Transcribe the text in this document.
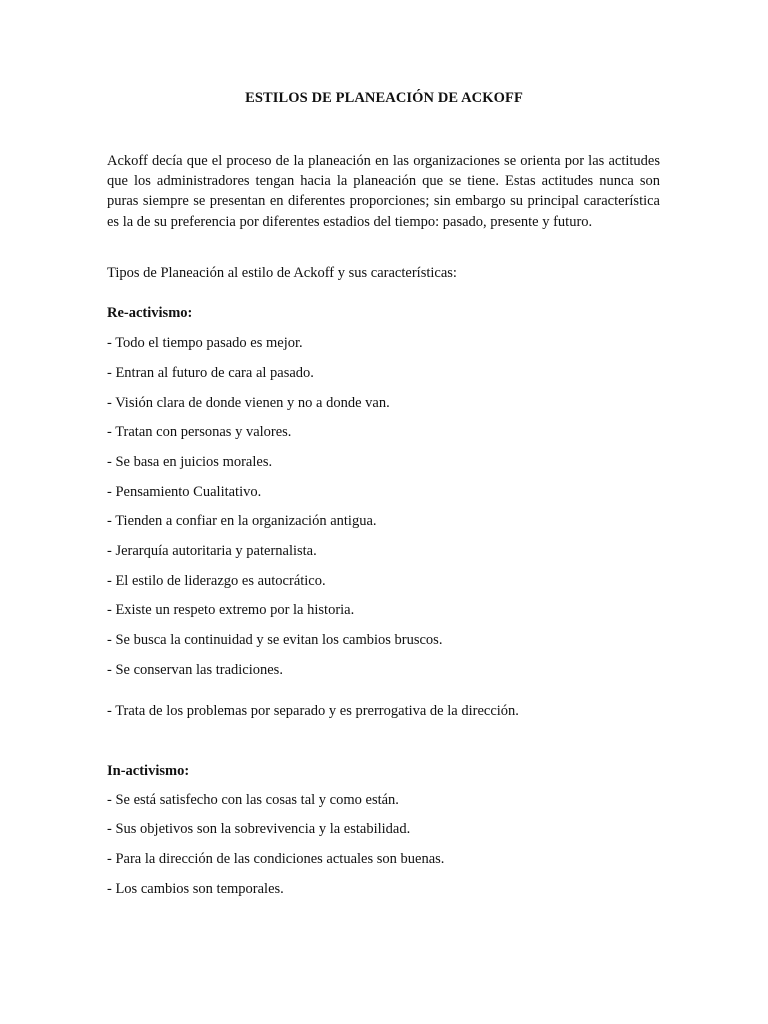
ESTILOS DE PLANEACIÓN DE ACKOFF

Ackoff decía que el proceso de la planeación en las organizaciones se orienta por las actitudes que los administradores tengan hacia la planeación que se tiene. Estas actitudes nunca son puras siempre se presentan en diferentes proporciones; sin embargo su principal característica es la de su preferencia por diferentes estadios del tiempo: pasado, presente y futuro.

Tipos de Planeación al estilo de Ackoff y sus características:

Re-activismo:

- Todo el tiempo pasado es mejor.

- Entran al futuro de cara al pasado.

- Visión clara de donde vienen y no a donde van.

- Tratan con personas y valores.

- Se basa en juicios morales.

- Pensamiento Cualitativo.

- Tienden a confiar en la organización antigua.

- Jerarquía autoritaria y paternalista.

- El estilo de liderazgo es autocrático.

- Existe un respeto extremo por la historia.

- Se busca la continuidad y se evitan los cambios bruscos.

- Se conservan las tradiciones.

- Trata de los problemas por separado y es prerrogativa de la dirección.

In-activismo:

- Se está satisfecho con las cosas tal y como están.

- Sus objetivos son la sobrevivencia y la estabilidad.

- Para la dirección de las condiciones actuales son buenas.

- Los cambios son temporales.
